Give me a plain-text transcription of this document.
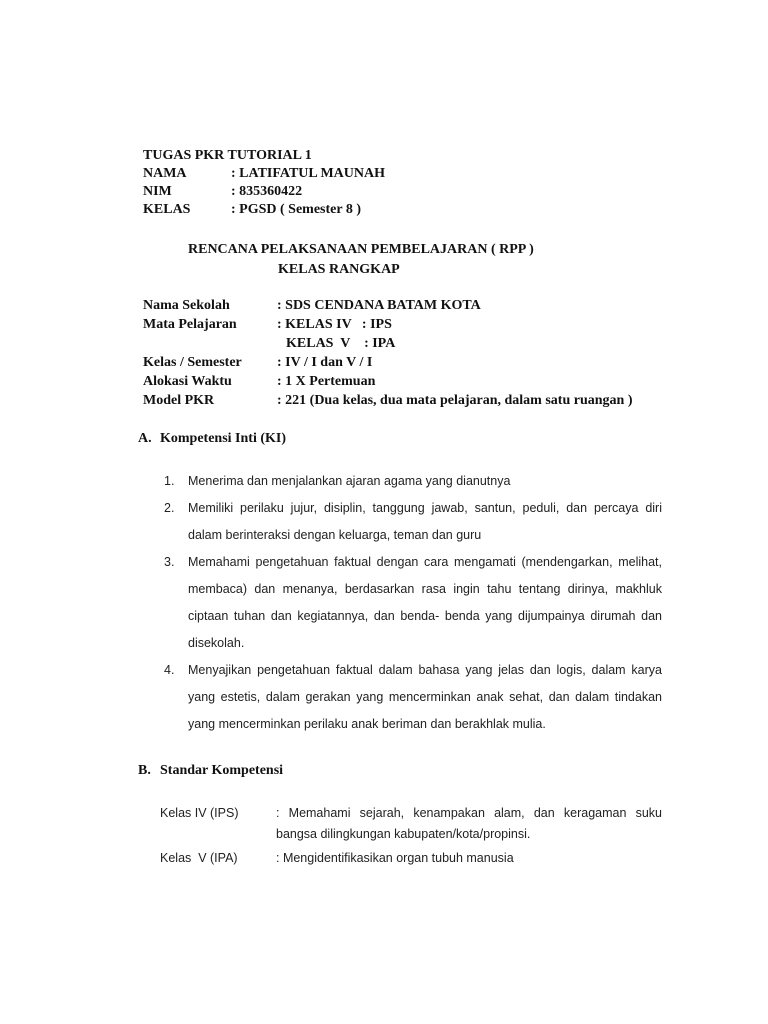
TUGAS PKR TUTORIAL 1
NAMA	: LATIFATUL MAUNAH
NIM	: 835360422
KELAS	: PGSD ( Semester 8 )
RENCANA PELAKSANAAN PEMBELAJARAN ( RPP )
KELAS RANGKAP
Nama Sekolah	: SDS CENDANA BATAM KOTA
Mata Pelajaran	: KELAS IV   : IPS
KELAS  V    : IPA
Kelas / Semester	: IV / I dan V / I
Alokasi Waktu	: 1 X Pertemuan
Model PKR	: 221 (Dua kelas, dua mata pelajaran, dalam satu ruangan )
A. Kompetensi Inti (KI)
1. Menerima dan menjalankan ajaran agama yang dianutnya
2. Memiliki perilaku jujur, disiplin, tanggung jawab, santun, peduli, dan percaya diri dalam berinteraksi dengan keluarga, teman dan guru
3. Memahami pengetahuan faktual dengan cara mengamati (mendengarkan, melihat, membaca) dan menanya, berdasarkan rasa ingin tahu tentang dirinya, makhluk ciptaan tuhan dan kegiatannya, dan benda- benda yang dijumpainya dirumah dan disekolah.
4. Menyajikan pengetahuan faktual dalam bahasa yang jelas dan logis, dalam karya yang estetis, dalam gerakan yang mencerminkan anak sehat, dan dalam tindakan yang mencerminkan perilaku anak beriman dan berakhlak mulia.
B. Standar Kompetensi
Kelas IV (IPS)	: Memahami sejarah, kenampakan alam, dan keragaman suku bangsa dilingkungan kabupaten/kota/propinsi.
Kelas  V (IPA)	: Mengidentifikasikan organ tubuh manusia
